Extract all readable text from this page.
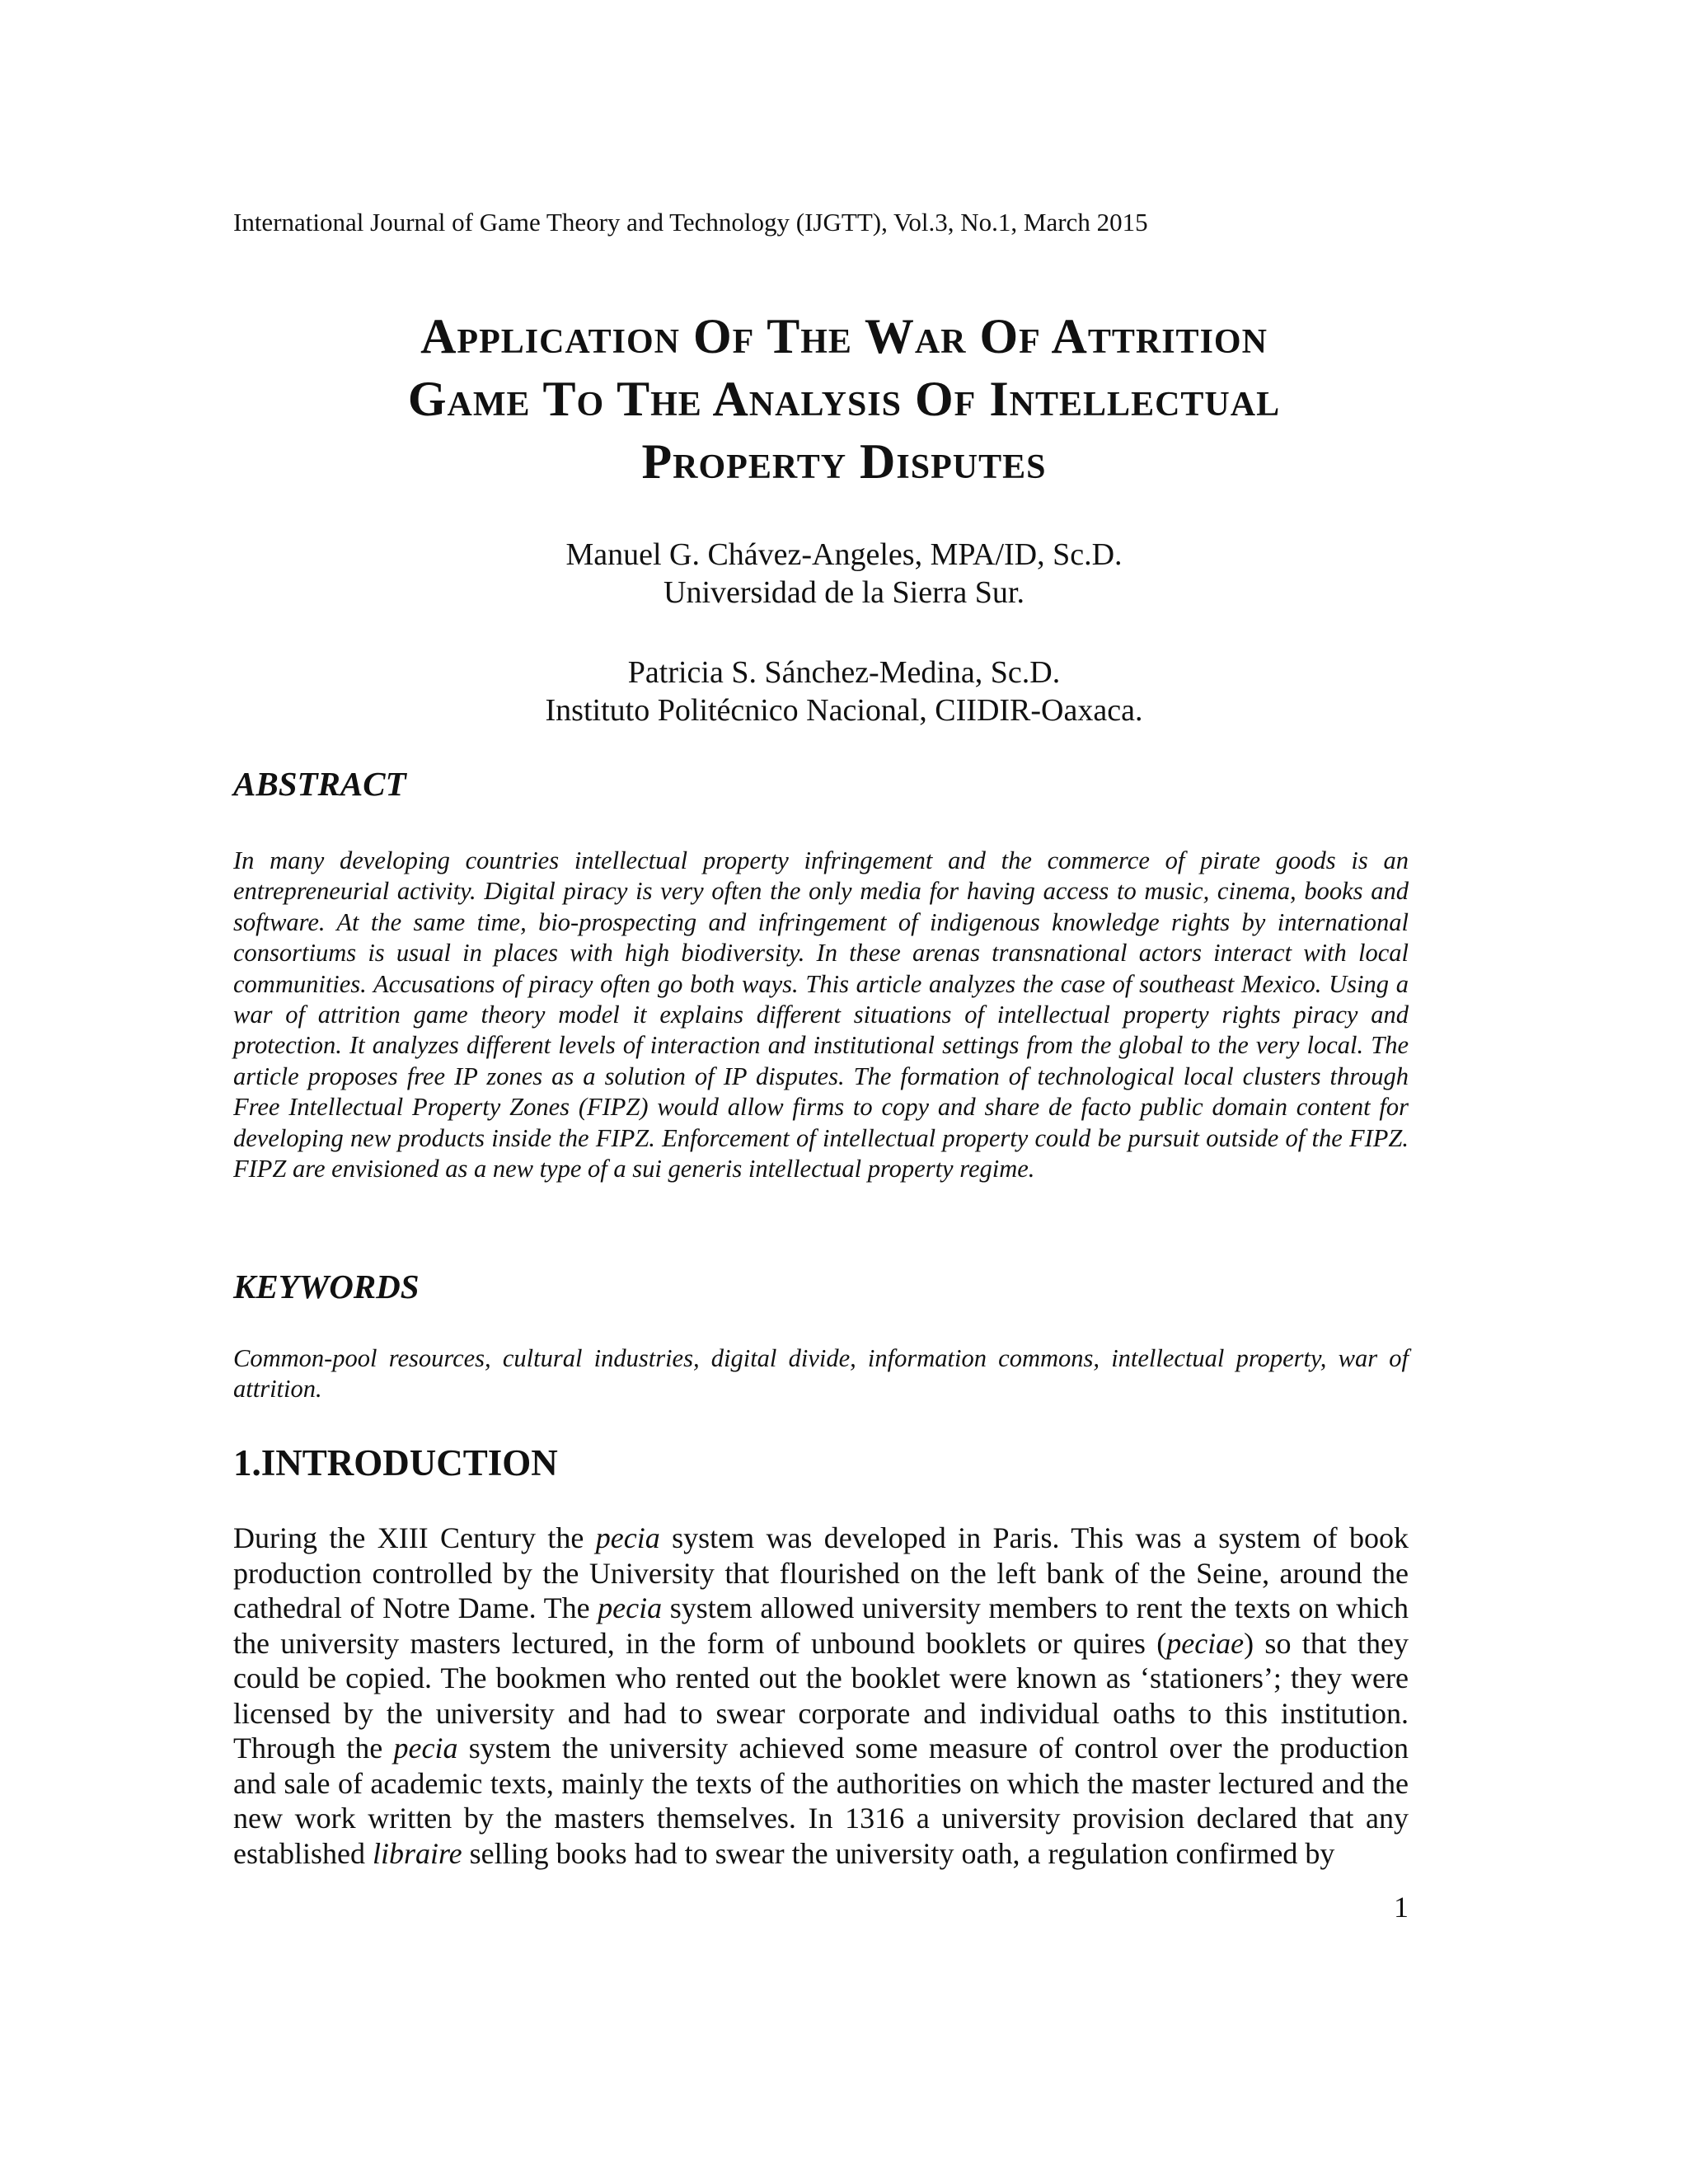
International Journal of Game Theory and Technology (IJGTT), Vol.3, No.1, March 2015
Application Of The War Of Attrition
Game To The Analysis Of Intellectual
Property Disputes
Manuel G. Chávez-Angeles, MPA/ID, Sc.D.
Universidad de la Sierra Sur.
Patricia S. Sánchez-Medina, Sc.D.
Instituto Politécnico Nacional, CIIDIR-Oaxaca.
ABSTRACT

In many developing countries intellectual property infringement and the commerce of pirate goods is an entrepreneurial activity. Digital piracy is very often the only media for having access to music, cinema, books and software. At the same time, bio-prospecting and infringement of indigenous knowledge rights by international consortiums is usual in places with high biodiversity. In these arenas transnational actors interact with local communities. Accusations of piracy often go both ways. This article analyzes the case of southeast Mexico. Using a war of attrition game theory model it explains different situations of intellectual property rights piracy and protection. It analyzes different levels of interaction and institutional settings from the global to the very local. The article proposes free IP zones as a solution of IP disputes. The formation of technological local clusters through Free Intellectual Property Zones (FIPZ) would allow firms to copy and share de facto public domain content for developing new products inside the FIPZ. Enforcement of intellectual property could be pursuit outside of the FIPZ. FIPZ are envisioned as a new type of a sui generis intellectual property regime.

KEYWORDS

Common-pool resources, cultural industries, digital divide, information commons, intellectual property, war of attrition.

1.INTRODUCTION

During the XIII Century the pecia system was developed in Paris. This was a system of book production controlled by the University that flourished on the left bank of the Seine, around the cathedral of Notre Dame. The pecia system allowed university members to rent the texts on which the university masters lectured, in the form of unbound booklets or quires (peciae) so that they could be copied. The bookmen who rented out the booklet were known as ‘stationers’; they were licensed by the university and had to swear corporate and individual oaths to this institution. Through the pecia system the university achieved some measure of control over the production and sale of academic texts, mainly the texts of the authorities on which the master lectured and the new work written by the masters themselves. In 1316 a university provision declared that any established libraire selling books had to swear the university oath, a regulation confirmed by

1
